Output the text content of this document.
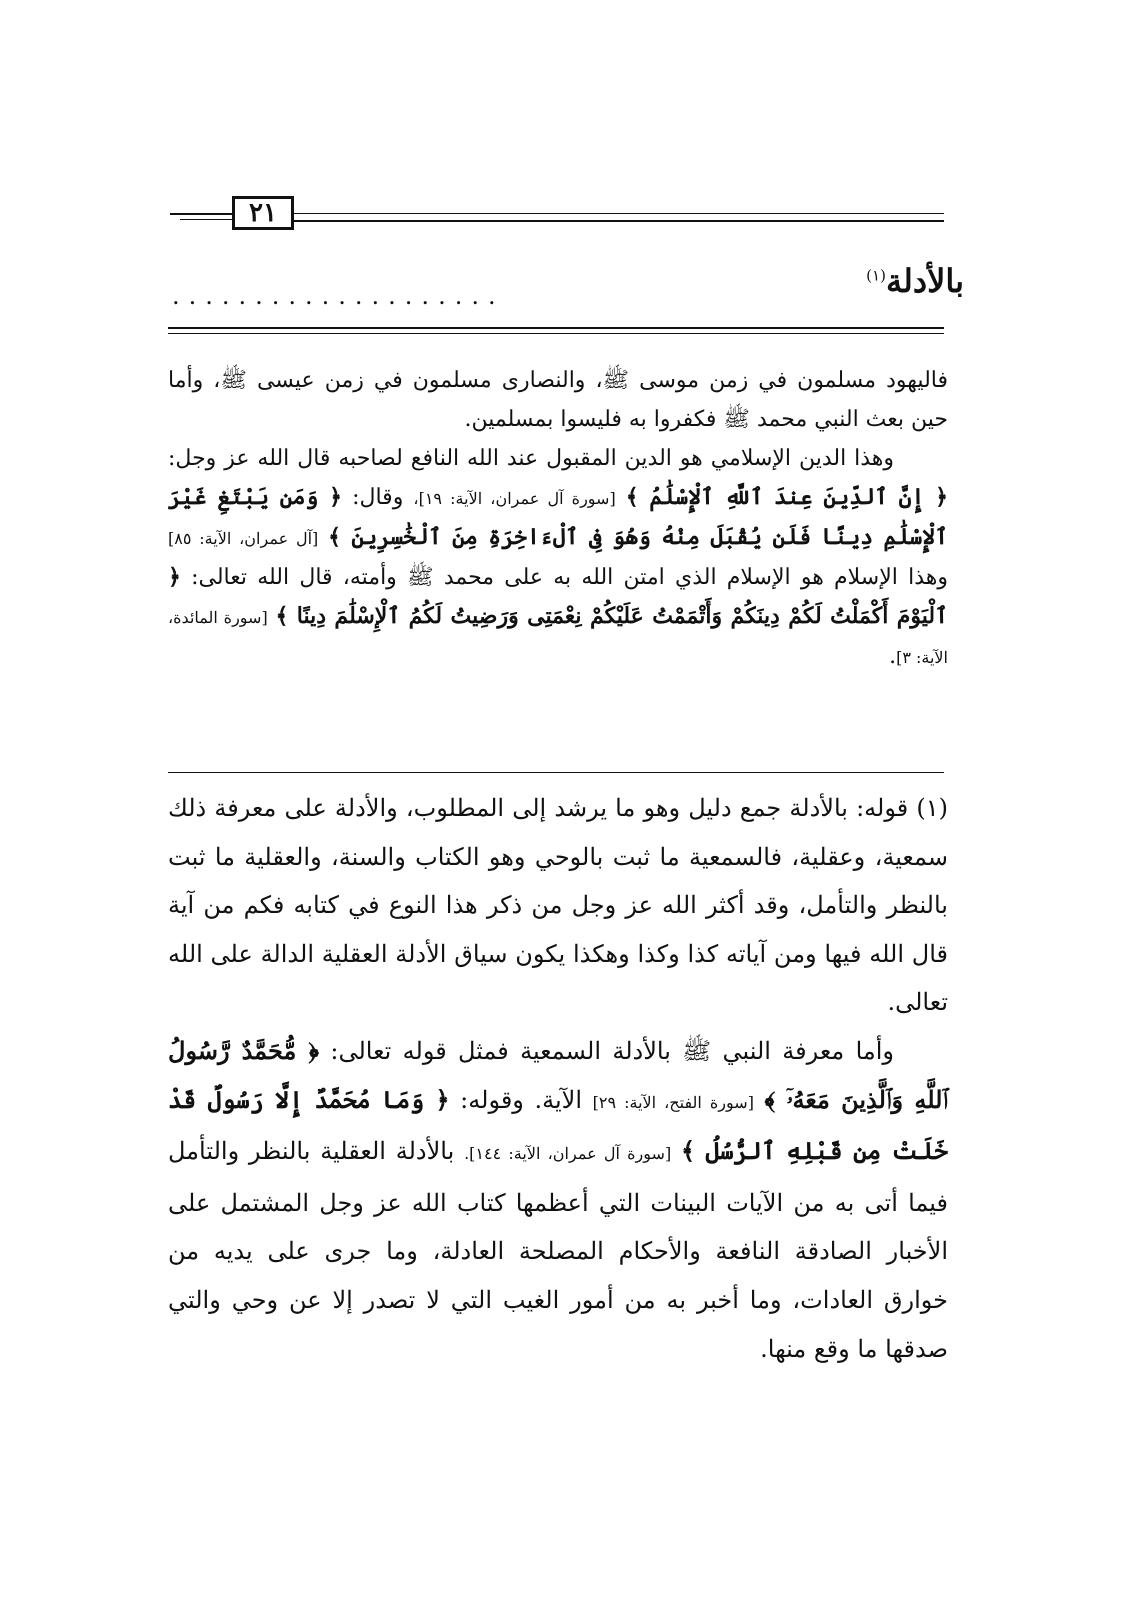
٢١
بالأدلة$^{(١)}$
....................

فاليهود مسلمون في زمن موسى ﷺ، والنصارى مسلمون في زمن عيسى ﷺ، وأما حين بعث النبي محمد ﷺ فكفروا به فليسوا بمسلمين.

وهذا الدين الإسلامي هو الدين المقبول عند الله النافع لصاحبه قال الله عز وجل: ﴿ إِنَّ ٱلدِّينَ عِندَ ٱللَّهِ ٱلْإِسْلَٰمُ ﴾ [سورة آل عمران، الآية: ١٩]، وقال: ﴿ وَمَن يَبْتَغِ غَيْرَ ٱلْإِسْلَٰمِ دِينًا فَلَن يُقْبَلَ مِنْهُ وَهُوَ فِى ٱلْءَاخِرَةِ مِنَ ٱلْخَٰسِرِينَ ﴾ [آل عمران، الآية: ٨٥] وهذا الإسلام هو الإسلام الذي امتن الله به على محمد ﷺ وأمته، قال الله تعالى: ﴿ ٱلْيَوْمَ أَكْمَلْتُ لَكُمْ دِينَكُمْ وَأَتْمَمْتُ عَلَيْكُمْ نِعْمَتِى وَرَضِيتُ لَكُمُ ٱلْإِسْلَٰمَ دِينًا ﴾ [سورة المائدة، الآية: ٣].

(١) قوله: بالأدلة جمع دليل وهو ما يرشد إلى المطلوب، والأدلة على معرفة ذلك سمعية، وعقلية، فالسمعية ما ثبت بالوحي وهو الكتاب والسنة، والعقلية ما ثبت بالنظر والتأمل، وقد أكثر الله عز وجل من ذكر هذا النوع في كتابه فكم من آية قال الله فيها ومن آياته كذا وكذا وهكذا يكون سياق الأدلة العقلية الدالة على الله تعالى.

وأما معرفة النبي ﷺ بالأدلة السمعية فمثل قوله تعالى: ﴿ مُّحَمَّدٌ رَّسُولُ ٱللَّهِ وَٱلَّذِينَ مَعَهُۥٓ ﴾ [سورة الفتح، الآية: ٢٩] الآية. وقوله: ﴿ وَمَا مُحَمَّدٌ إِلَّا رَسُولٌ قَدْ خَلَتْ مِن قَبْلِهِ ٱلرُّسُلُ ﴾ [سورة آل عمران، الآية: ١٤٤]. بالأدلة العقلية بالنظر والتأمل فيما أتى به من الآيات البينات التي أعظمها كتاب الله عز وجل المشتمل على الأخبار الصادقة النافعة والأحكام المصلحة العادلة، وما جرى على يديه من خوارق العادات، وما أخبر به من أمور الغيب التي لا تصدر إلا عن وحي والتي صدقها ما وقع منها.
